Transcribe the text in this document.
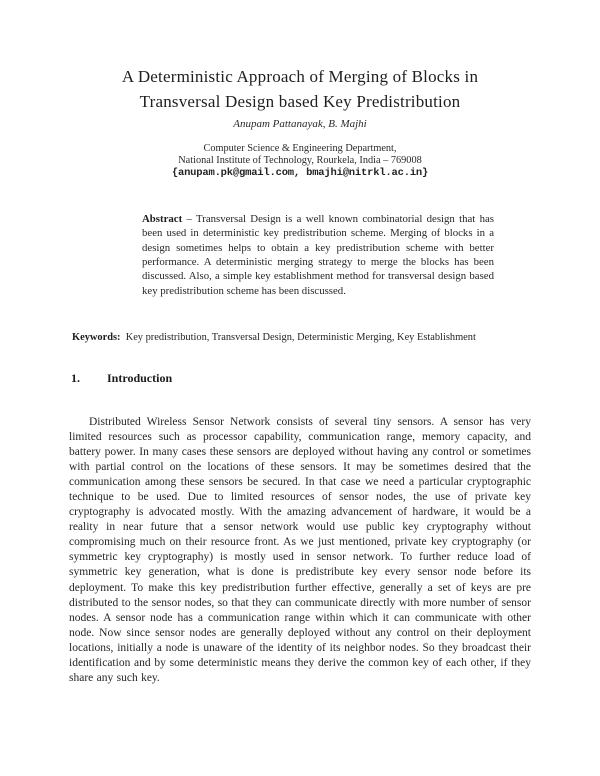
A Deterministic Approach of Merging of Blocks in
Transversal Design based Key Predistribution
Anupam Pattanayak, B. Majhi
Computer Science & Engineering Department,
National Institute of Technology, Rourkela, India – 769008
{anupam.pk@gmail.com, bmajhi@nitrkl.ac.in}

Abstract – Transversal Design is a well known combinatorial design that has been used in deterministic key predistribution scheme. Merging of blocks in a design sometimes helps to obtain a key predistribution scheme with better performance. A deterministic merging strategy to merge the blocks has been discussed. Also, a simple key establishment method for transversal design based key predistribution scheme has been discussed.

Keywords: Key predistribution, Transversal Design, Deterministic Merging, Key Establishment

1. Introduction

Distributed Wireless Sensor Network consists of several tiny sensors. A sensor has very limited resources such as processor capability, communication range, memory capacity, and battery power. In many cases these sensors are deployed without having any control or sometimes with partial control on the locations of these sensors. It may be sometimes desired that the communication among these sensors be secured. In that case we need a particular cryptographic technique to be used. Due to limited resources of sensor nodes, the use of private key cryptography is advocated mostly. With the amazing advancement of hardware, it would be a reality in near future that a sensor network would use public key cryptography without compromising much on their resource front. As we just mentioned, private key cryptography (or symmetric key cryptography) is mostly used in sensor network. To further reduce load of symmetric key generation, what is done is predistribute key every sensor node before its deployment. To make this key predistribution further effective, generally a set of keys are pre distributed to the sensor nodes, so that they can communicate directly with more number of sensor nodes. A sensor node has a communication range within which it can communicate with other node. Now since sensor nodes are generally deployed without any control on their deployment locations, initially a node is unaware of the identity of its neighbor nodes. So they broadcast their identification and by some deterministic means they derive the common key of each other, if they share any such key.
